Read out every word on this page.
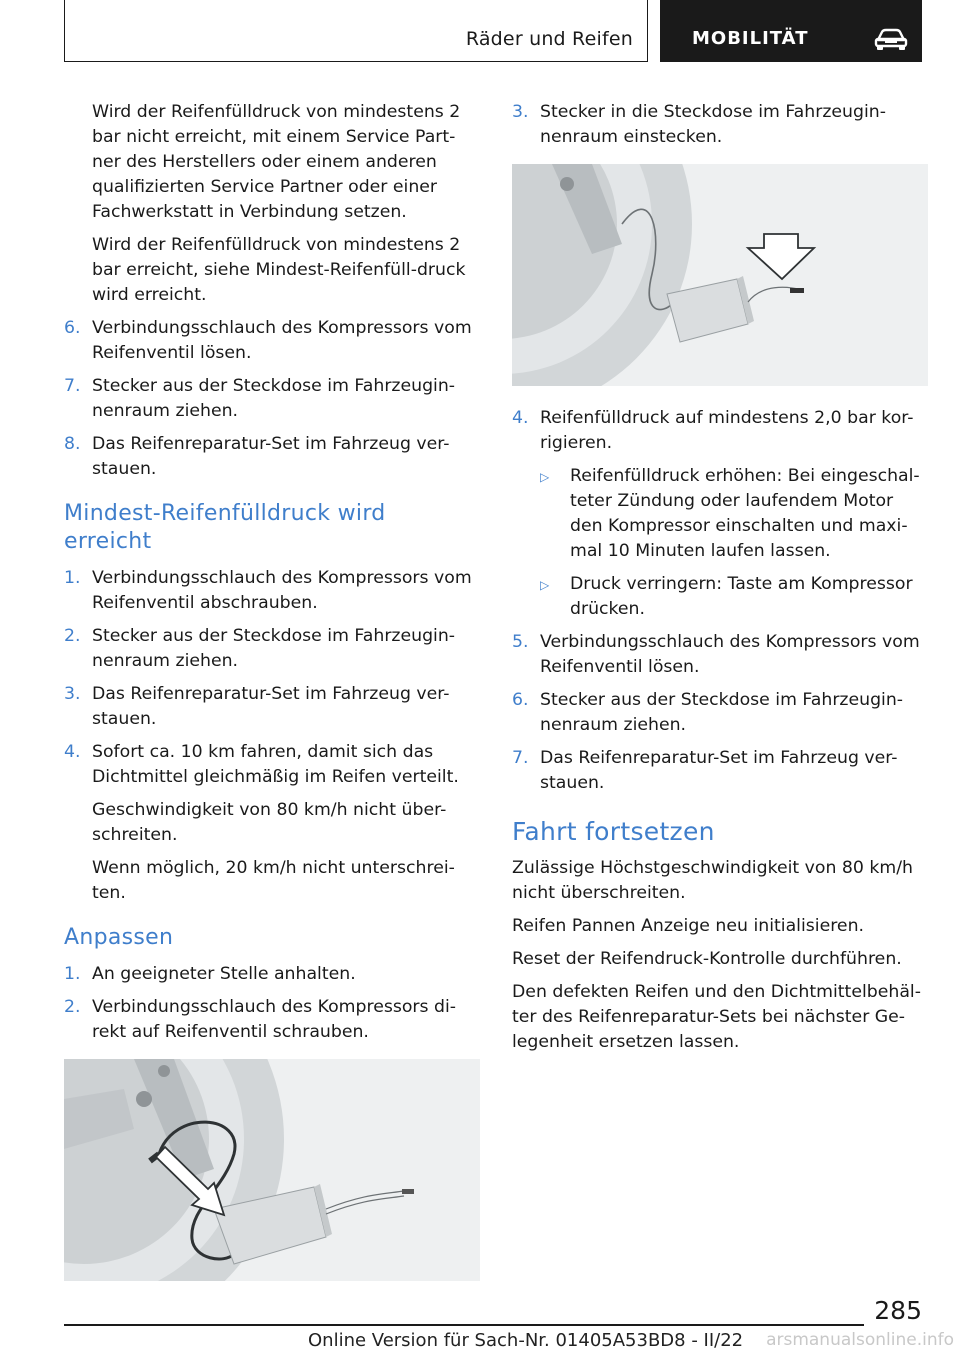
Räder und Reifen	MOBILITÄT

Wird der Reifenfülldruck von mindestens 2 bar nicht erreicht, mit einem Service Part-ner des Herstellers oder einem anderen qualifizierten Service Partner oder einer Fachwerkstatt in Verbindung setzen.

Wird der Reifenfülldruck von mindestens 2 bar erreicht, siehe Mindest-Reifenfüll-druck wird erreicht.

6. Verbindungsschlauch des Kompressors vom Reifenventil lösen.
7. Stecker aus der Steckdose im Fahrzeugin-nenraum ziehen.
8. Das Reifenreparatur-Set im Fahrzeug ver-stauen.
Mindest‐Reifenfülldruck wird erreicht
1. Verbindungsschlauch des Kompressors vom Reifenventil abschrauben.
2. Stecker aus der Steckdose im Fahrzeugin-nenraum ziehen.
3. Das Reifenreparatur-Set im Fahrzeug ver-stauen.
4. Sofort ca. 10 km fahren, damit sich das Dichtmittel gleichmäßig im Reifen verteilt.

Geschwindigkeit von 80 km/h nicht über-schreiten.

Wenn möglich, 20 km/h nicht unterschrei-ten.

Anpassen
1. An geeigneter Stelle anhalten.
2. Verbindungsschlauch des Kompressors di-rekt auf Reifenventil schrauben.
3. Stecker in die Steckdose im Fahrzeugin-nenraum einstecken.
4. Reifenfülldruck auf mindestens 2,0 bar kor-rigieren.
▷	Reifenfülldruck erhöhen: Bei eingeschal-teter Zündung oder laufendem Motor den Kompressor einschalten und maxi-mal 10 Minuten laufen lassen.
▷	Druck verringern: Taste am Kompressor drücken.
5. Verbindungsschlauch des Kompressors vom Reifenventil lösen.
6. Stecker aus der Steckdose im Fahrzeugin-nenraum ziehen.
7. Das Reifenreparatur-Set im Fahrzeug ver-stauen.
Fahrt fortsetzen

Zulässige Höchstgeschwindigkeit von 80 km/h nicht überschreiten.

Reifen Pannen Anzeige neu initialisieren.

Reset der Reifendruck-Kontrolle durchführen.

Den defekten Reifen und den Dichtmittelbehäl-ter des Reifenreparatur-Sets bei nächster Ge-legenheit ersetzen lassen.

285
Online Version für Sach-Nr. 01405A53BD8 - II/22 arsmanualsonline.info
